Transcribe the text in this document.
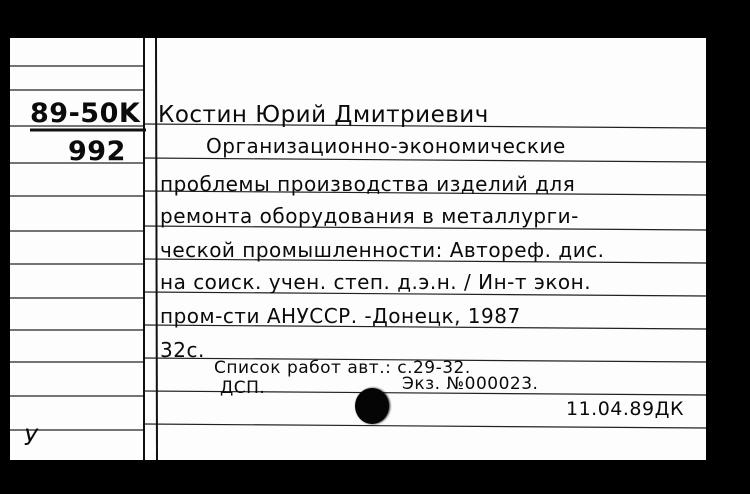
89-50K
992
Костин Юрий Дмитриевич
Организационно-экономические
проблемы производства изделий для
ремонта оборудования в металлурги-
ческой промышленности: Автореф. дис.
на соиск. учен. степ. д.э.н. / Ин-т экон.
пром-сти АНУССР. -Донецк, 1987
32с.
Список работ авт.: с.29-32.
ДСП.	Экз. №000023.
11.04.89ДК
У
